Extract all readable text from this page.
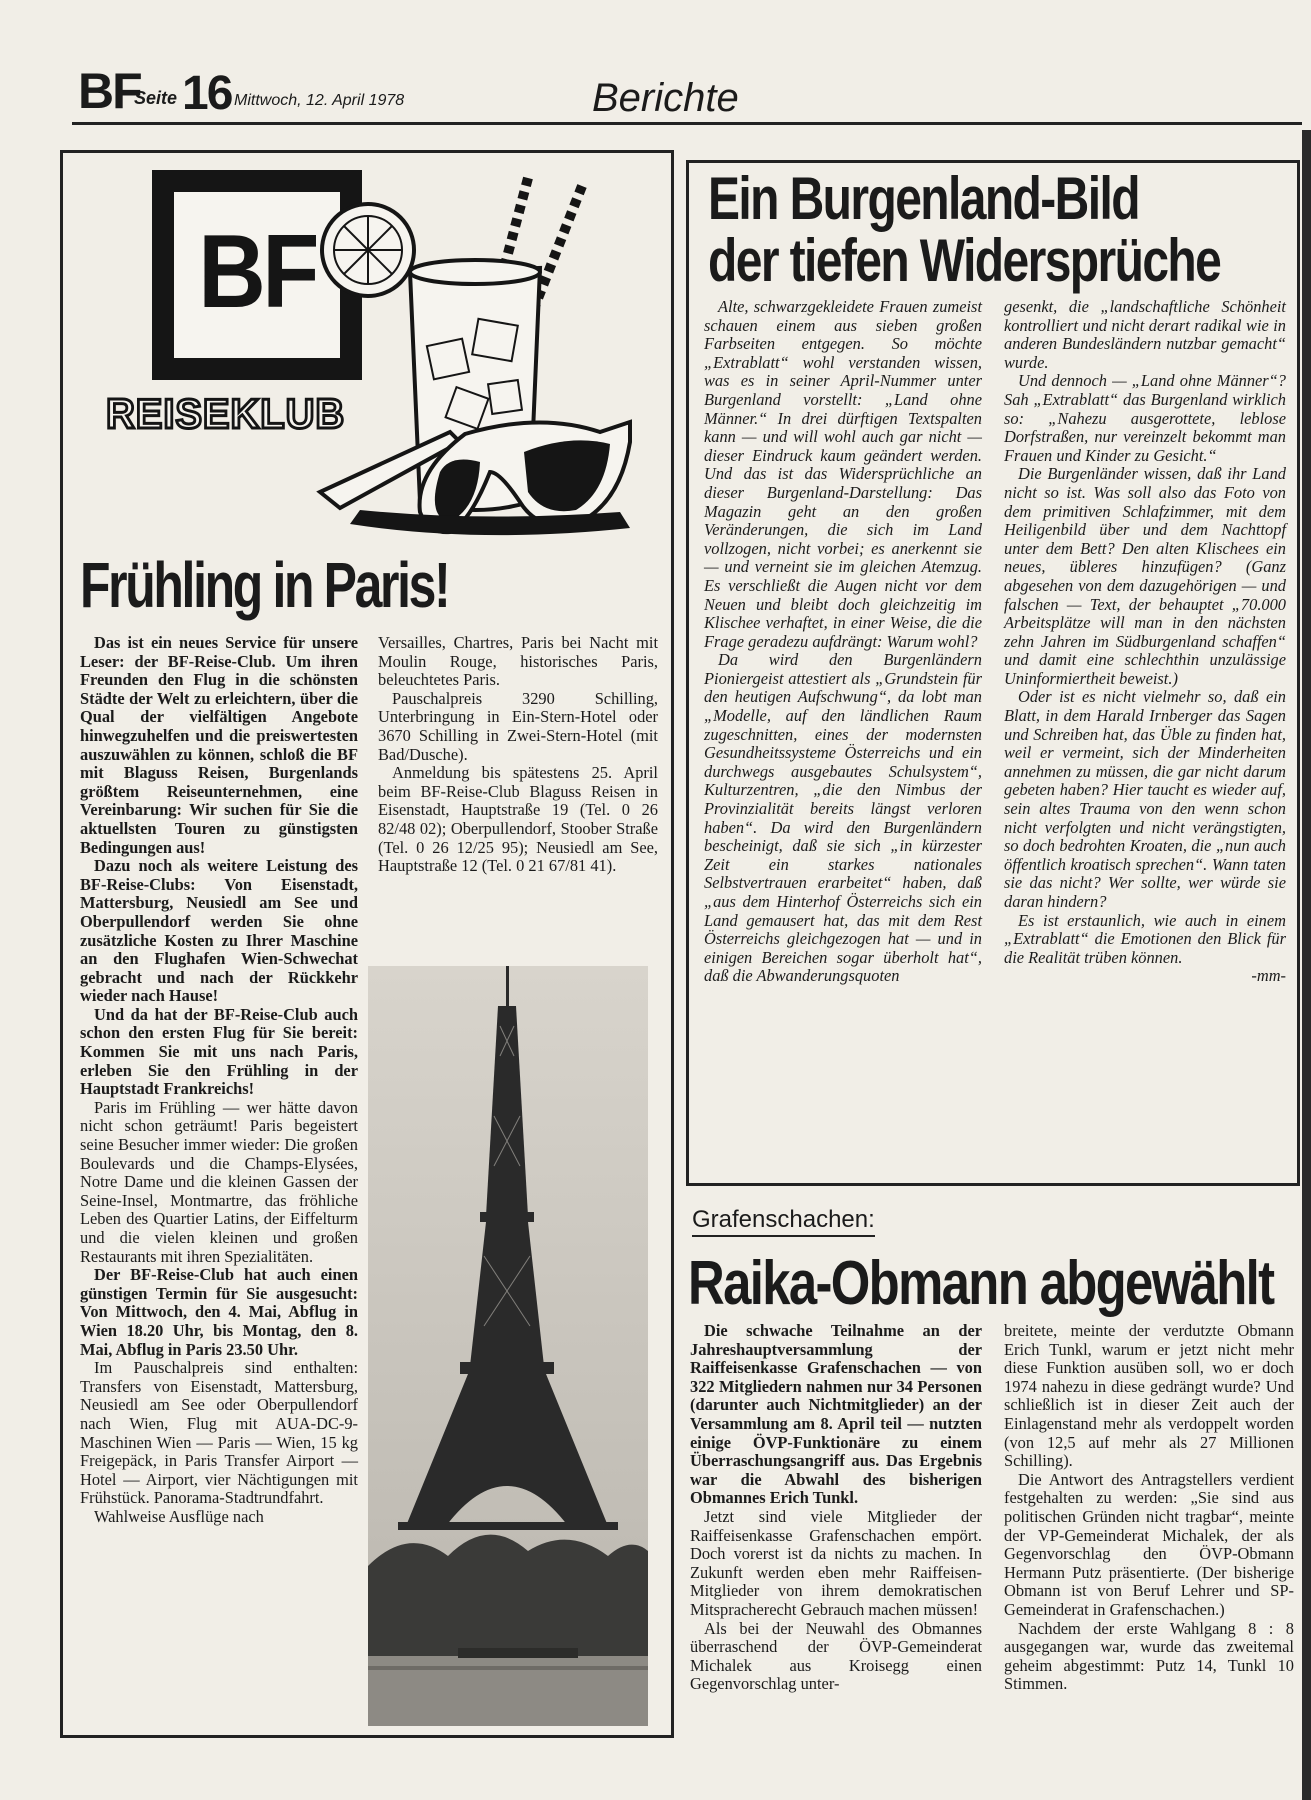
BF
Seite 16 Mittwoch, 12. April 1978	Berichte
BF
REISEKLUB
Frühling in Paris!

Das ist ein neues Service für unsere Leser: der BF-Reise-Club. Um ihren Freunden den Flug in die schönsten Städte der Welt zu erleichtern, über die Qual der vielfältigen Angebote hinwegzuhelfen und die preiswertesten auszuwählen zu können, schloß die BF mit Blaguss Reisen, Burgenlands größtem Reiseunternehmen, eine Vereinbarung: Wir suchen für Sie die aktuellsten Touren zu günstigsten Bedingungen aus!

Dazu noch als weitere Leistung des BF-Reise-Clubs: Von Eisenstadt, Mattersburg, Neusiedl am See und Oberpullendorf werden Sie ohne zusätzliche Kosten zu Ihrer Maschine an den Flughafen Wien-Schwechat gebracht und nach der Rückkehr wieder nach Hause!

Und da hat der BF-Reise-Club auch schon den ersten Flug für Sie bereit: Kommen Sie mit uns nach Paris, erleben Sie den Frühling in der Hauptstadt Frankreichs!

Paris im Frühling — wer hätte davon nicht schon geträumt! Paris begeistert seine Besucher immer wieder: Die großen Boulevards und die Champs-Elysées, Notre Dame und die kleinen Gassen der Seine-Insel, Montmartre, das fröhliche Leben des Quartier Latins, der Eiffelturm und die vielen kleinen und großen Restaurants mit ihren Spezialitäten.

Der BF-Reise-Club hat auch einen günstigen Termin für Sie ausgesucht: Von Mittwoch, den 4. Mai, Abflug in Wien 18.20 Uhr, bis Montag, den 8. Mai, Abflug in Paris 23.50 Uhr.

Im Pauschalpreis sind enthalten: Transfers von Eisenstadt, Mattersburg, Neusiedl am See oder Oberpullendorf nach Wien, Flug mit AUA-DC-9-Maschinen Wien — Paris — Wien, 15 kg Freigepäck, in Paris Transfer Airport — Hotel — Airport, vier Nächtigungen mit Frühstück. Panorama-Stadtrundfahrt.

Wahlweise Ausflüge nach

Versailles, Chartres, Paris bei Nacht mit Moulin Rouge, historisches Paris, beleuchtetes Paris.

Pauschalpreis 3290 Schilling, Unterbringung in Ein-Stern-Hotel oder 3670 Schilling in Zwei-Stern-Hotel (mit Bad/Dusche).

Anmeldung bis spätestens 25. April beim BF-Reise-Club Blaguss Reisen in Eisenstadt, Hauptstraße 19 (Tel. 0 26 82/48 02); Oberpullendorf, Stoober Straße (Tel. 0 26 12/25 95); Neusiedl am See, Hauptstraße 12 (Tel. 0 21 67/81 41).

Ein Burgenland-Bild
der tiefen Widersprüche

Alte, schwarzgekleidete Frauen zumeist schauen einem aus sieben großen Farbseiten entgegen. So möchte „Extrablatt“ wohl verstanden wissen, was es in seiner April-Nummer unter Burgenland vorstellt: „Land ohne Männer.“ In drei dürftigen Textspalten kann — und will wohl auch gar nicht — dieser Eindruck kaum geändert werden. Und das ist das Widersprüchliche an dieser Burgenland-Darstellung: Das Magazin geht an den großen Veränderungen, die sich im Land vollzogen, nicht vorbei; es anerkennt sie — und verneint sie im gleichen Atemzug. Es verschließt die Augen nicht vor dem Neuen und bleibt doch gleichzeitig im Klischee verhaftet, in einer Weise, die die Frage geradezu aufdrängt: Warum wohl?

Da wird den Burgenländern Pioniergeist attestiert als „Grundstein für den heutigen Aufschwung“, da lobt man „Modelle, auf den ländlichen Raum zugeschnitten, eines der modernsten Gesundheitssysteme Österreichs und ein durchwegs ausgebautes Schulsystem“, Kulturzentren, „die den Nimbus der Provinzialität bereits längst verloren haben“. Da wird den Burgenländern bescheinigt, daß sie sich „in kürzester Zeit ein starkes nationales Selbstvertrauen erarbeitet“ haben, daß „aus dem Hinterhof Österreichs sich ein Land gemausert hat, das mit dem Rest Österreichs gleichgezogen hat — und in einigen Bereichen sogar überholt hat“, daß die Abwanderungsquoten

gesenkt, die „landschaftliche Schönheit kontrolliert und nicht derart radikal wie in anderen Bundesländern nutzbar gemacht“ wurde.

Und dennoch — „Land ohne Männer“? Sah „Extrablatt“ das Burgenland wirklich so: „Nahezu ausgerottete, leblose Dorfstraßen, nur vereinzelt bekommt man Frauen und Kinder zu Gesicht.“

Die Burgenländer wissen, daß ihr Land nicht so ist. Was soll also das Foto von dem primitiven Schlafzimmer, mit dem Heiligenbild über und dem Nachttopf unter dem Bett? Den alten Klischees ein neues, übleres hinzufügen? (Ganz abgesehen von dem dazugehörigen — und falschen — Text, der behauptet „70.000 Arbeitsplätze will man in den nächsten zehn Jahren im Südburgenland schaffen“ und damit eine schlechthin unzulässige Uninformiertheit beweist.)

Oder ist es nicht vielmehr so, daß ein Blatt, in dem Harald Irnberger das Sagen und Schreiben hat, das Üble zu finden hat, weil er vermeint, sich der Minderheiten annehmen zu müssen, die gar nicht darum gebeten haben? Hier taucht es wieder auf, sein altes Trauma von den wenn schon nicht verfolgten und nicht verängstigten, so doch bedrohten Kroaten, die „nun auch öffentlich kroatisch sprechen“. Wann taten sie das nicht? Wer sollte, wer würde sie daran hindern?

Es ist erstaunlich, wie auch in einem „Extrablatt“ die Emotionen den Blick für die Realität trüben können.

-mm-
Grafenschachen:
Raika-Obmann abgewählt

Die schwache Teilnahme an der Jahreshauptversammlung der Raiffeisenkasse Grafenschachen — von 322 Mitgliedern nahmen nur 34 Personen (darunter auch Nichtmitglieder) an der Versammlung am 8. April teil — nutzten einige ÖVP-Funktionäre zu einem Überraschungsangriff aus. Das Ergebnis war die Abwahl des bisherigen Obmannes Erich Tunkl.

Jetzt sind viele Mitglieder der Raiffeisenkasse Grafenschachen empört. Doch vorerst ist da nichts zu machen. In Zukunft werden eben mehr Raiffeisen-Mitglieder von ihrem demokratischen Mitspracherecht Gebrauch machen müssen!

Als bei der Neuwahl des Obmannes überraschend der ÖVP-Gemeinderat Michalek aus Kroisegg einen Gegenvorschlag unter-

breitete, meinte der verdutzte Obmann Erich Tunkl, warum er jetzt nicht mehr diese Funktion ausüben soll, wo er doch 1974 nahezu in diese gedrängt wurde? Und schließlich ist in dieser Zeit auch der Einlagenstand mehr als verdoppelt worden (von 12,5 auf mehr als 27 Millionen Schilling).

Die Antwort des Antragstellers verdient festgehalten zu werden: „Sie sind aus politischen Gründen nicht tragbar“, meinte der VP-Gemeinderat Michalek, der als Gegenvorschlag den ÖVP-Obmann Hermann Putz präsentierte. (Der bisherige Obmann ist von Beruf Lehrer und SP-Gemeinderat in Grafenschachen.)

Nachdem der erste Wahlgang 8 : 8 ausgegangen war, wurde das zweitemal geheim abgestimmt: Putz 14, Tunkl 10 Stimmen.
